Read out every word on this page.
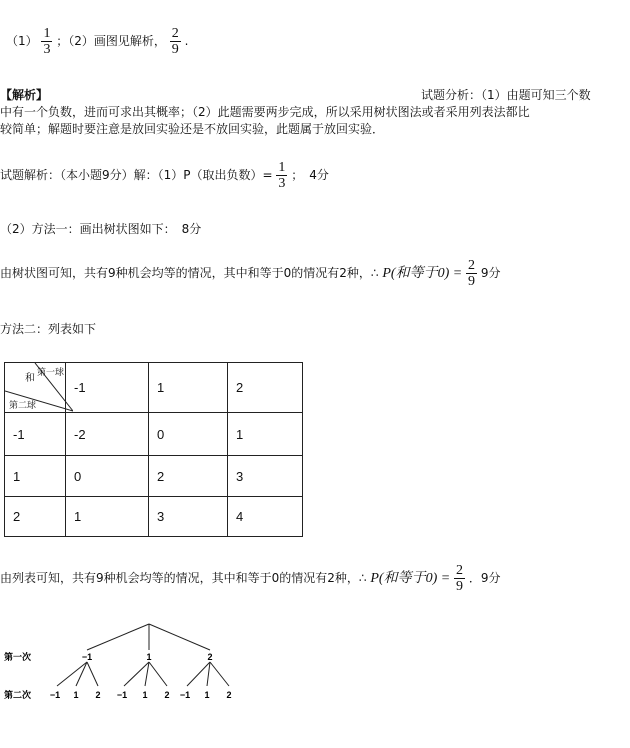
$(1) \frac{1}{3}$ ；（2）画图见解析， $\frac{2}{9}$ .
【解析】	试题分析：（1）由题可知三个数
中有一个负数，进而可求出其概率；（2）此题需要两步完成，所以采用树状图法或者采用列表法都比
较简单；解题时要注意是放回实验还是不放回实验，此题属于放回实验．
试题解析：（本小题9分）解：（1）P（取出负数）= $\frac{1}{3}$ ；　4分
（2）方法一：画出树状图如下：　8分
由树状图可知，共有9种机会均等的情况，其中和等于0的情况有2种，∴ P(和等于$0) = \frac{2}{9} 9$分
方法二：列表如下
和
第一球
第二球	-1	1	2
-1	-2	0	1
1	0	2	3
2	1	3	4
由列表可知，共有9种机会均等的情况，其中和等于0的情况有2种，∴ P(和等于$0) = \frac{2}{9}$ ．9分
第一次
第二次
−1	1	2
−1 1 2 −1 1 2 −1 1 2
